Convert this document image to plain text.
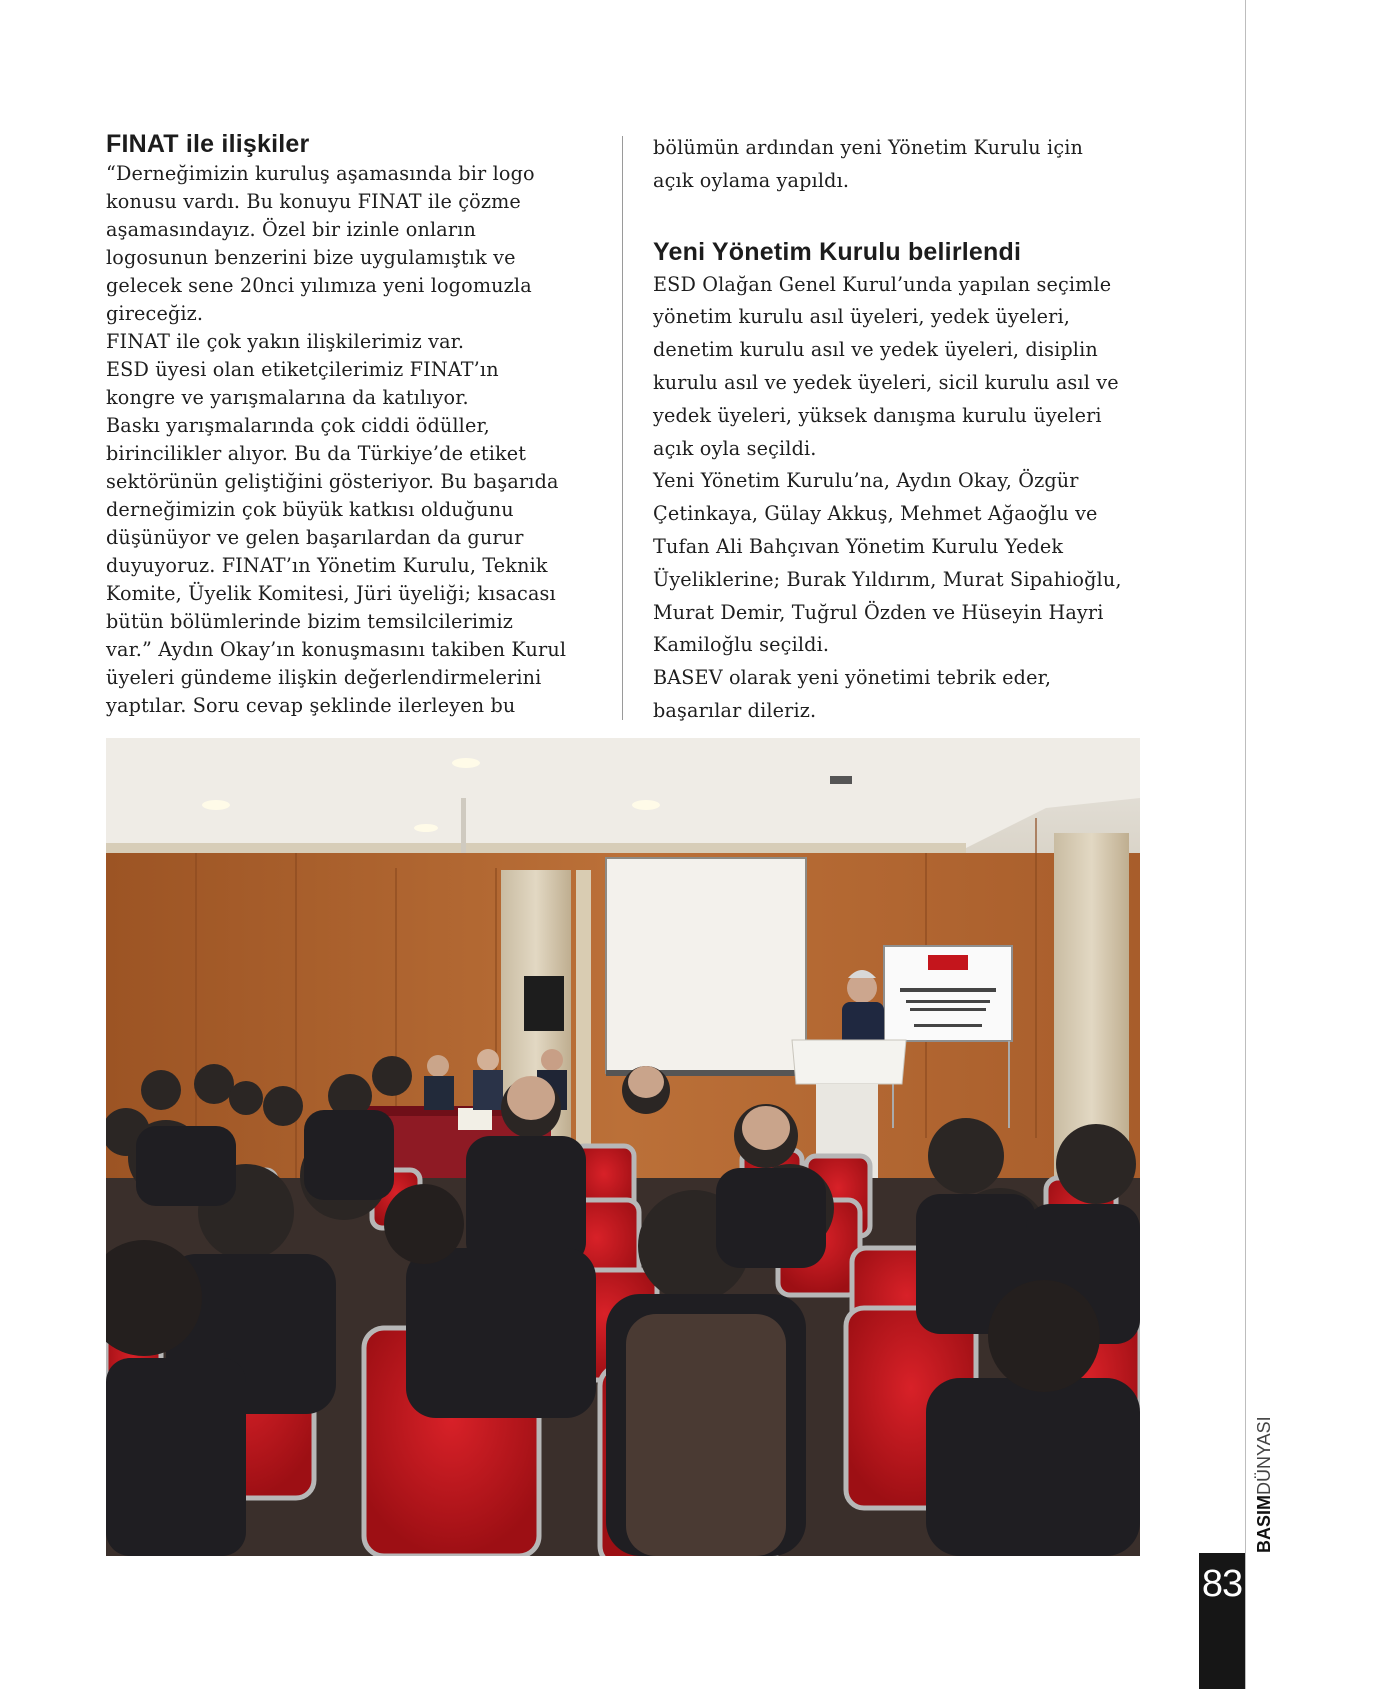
FINAT ile ilişkiler

“Derneğimizin kuruluş aşamasında bir logo

konusu vardı. Bu konuyu FINAT ile çözme

aşamasındayız. Özel bir izinle onların

logosunun benzerini bize uygulamıştık ve

gelecek sene 20nci yılımıza yeni logomuzla

gireceğiz.

FINAT ile çok yakın ilişkilerimiz var.

ESD üyesi olan etiketçilerimiz FINAT’ın

kongre ve yarışmalarına da katılıyor.

Baskı yarışmalarında çok ciddi ödüller,

birincilikler alıyor. Bu da Türkiye’de etiket

sektörünün geliştiğini gösteriyor. Bu başarıda

derneğimizin çok büyük katkısı olduğunu

düşünüyor ve gelen başarılardan da gurur

duyuyoruz. FINAT’ın Yönetim Kurulu, Teknik

Komite, Üyelik Komitesi, Jüri üyeliği; kısacası

bütün bölümlerinde bizim temsilcilerimiz

var.” Aydın Okay’ın konuşmasını takiben Kurul

üyeleri gündeme ilişkin değerlendirmelerini

yaptılar. Soru cevap şeklinde ilerleyen bu

bölümün ardından yeni Yönetim Kurulu için

açık oylama yapıldı.

Yeni Yönetim Kurulu belirlendi

ESD Olağan Genel Kurul’unda yapılan seçimle

yönetim kurulu asıl üyeleri, yedek üyeleri,

denetim kurulu asıl ve yedek üyeleri, disiplin

kurulu asıl ve yedek üyeleri, sicil kurulu asıl ve

yedek üyeleri, yüksek danışma kurulu üyeleri

açık oyla seçildi.

Yeni Yönetim Kurulu’na, Aydın Okay, Özgür

Çetinkaya, Gülay Akkuş, Mehmet Ağaoğlu ve

Tufan Ali Bahçıvan Yönetim Kurulu Yedek

Üyeliklerine; Burak Yıldırım, Murat Sipahioğlu,

Murat Demir, Tuğrul Özden ve Hüseyin Hayri

Kamiloğlu seçildi.

BASEV olarak yeni yönetimi tebrik eder,

başarılar dileriz.

BASIMDÜNYASI
83
